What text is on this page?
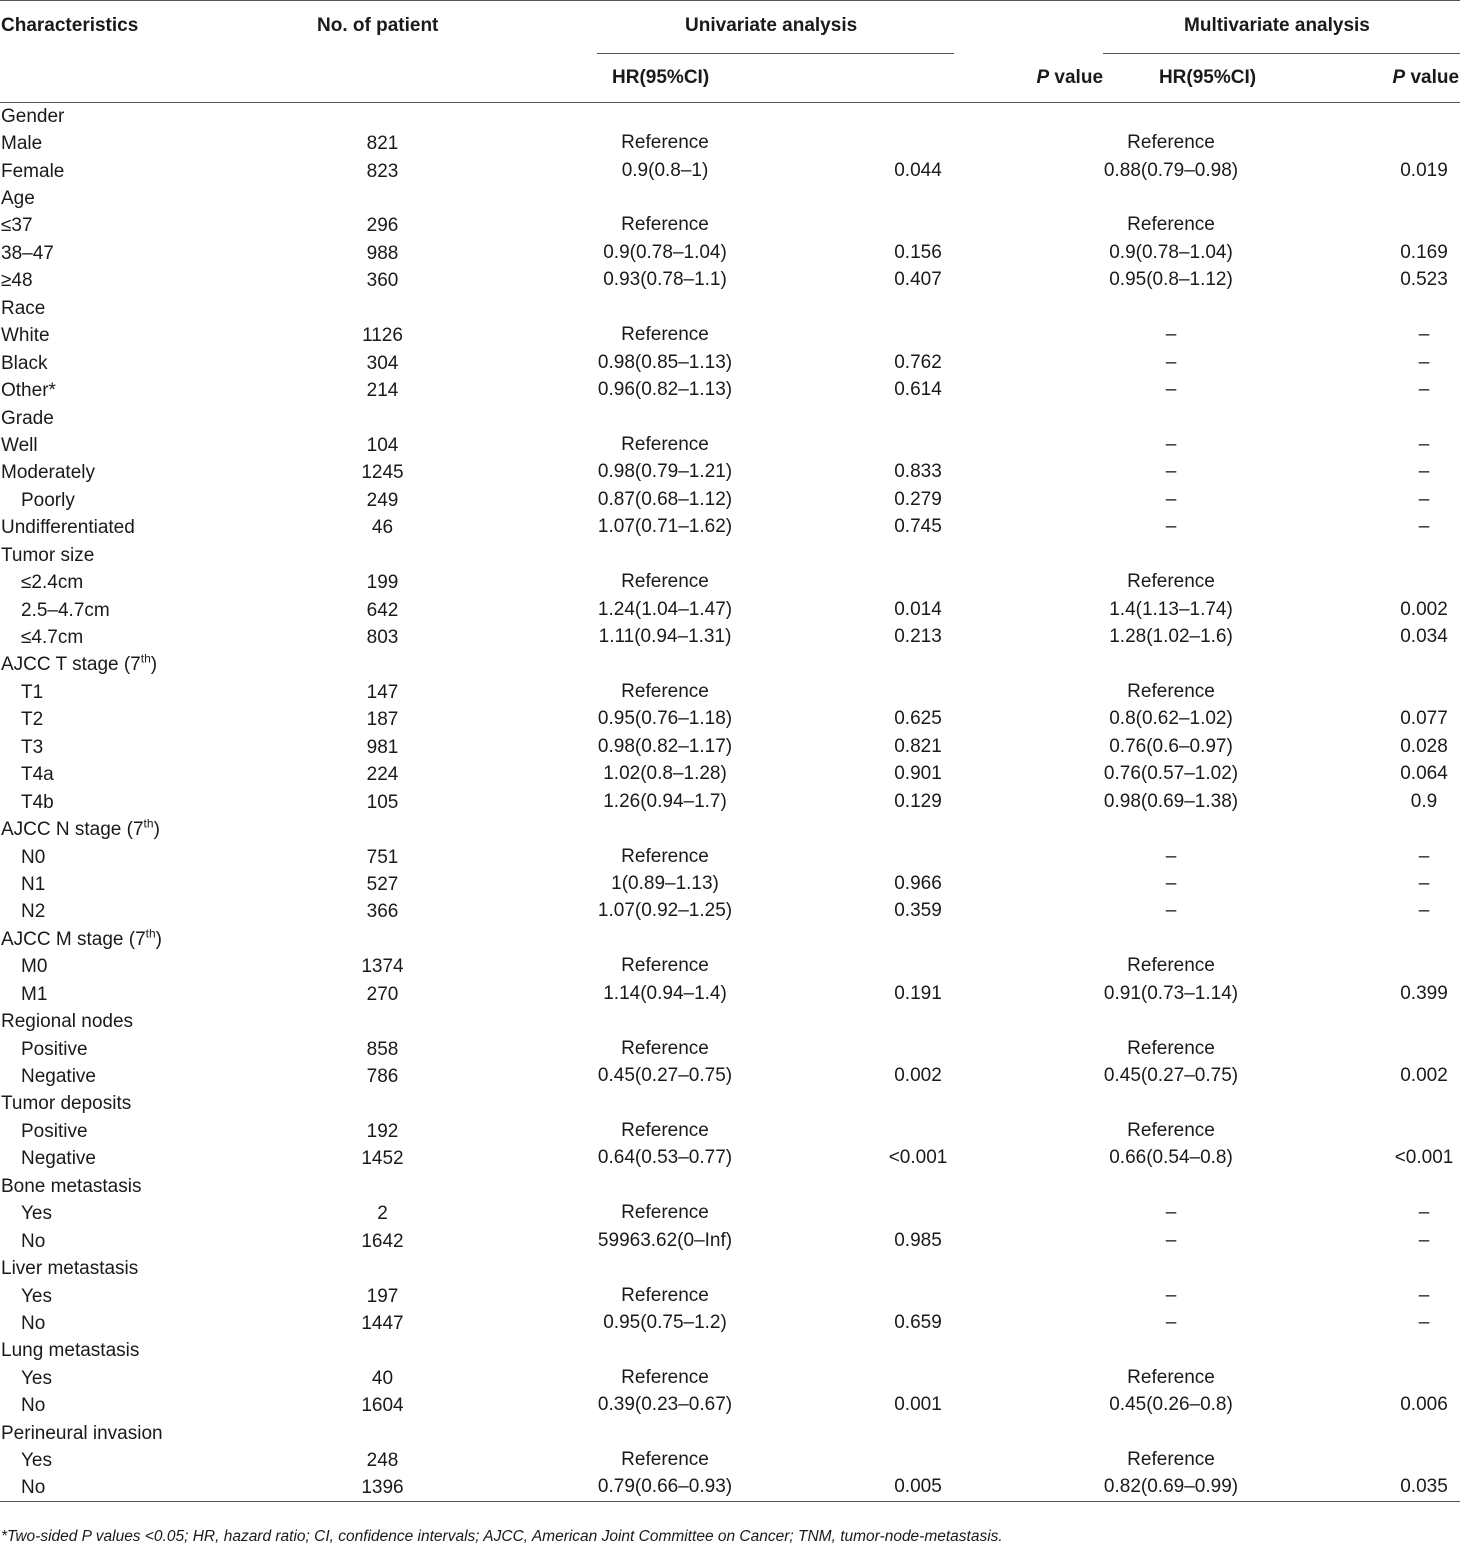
Characteristics	No. of patient		Univariate analysis		Multivariate analysis		

			HR(95%CI)		P value	HR(95%CI)	P value
Gender			

Male	821		Reference			Reference	

Female	823		0.9(0.8–1)	0.044		0.88(0.79–0.98)	0.019

Age			

≤37	296		Reference			Reference	

38–47	988		0.9(0.78–1.04)	0.156		0.9(0.78–1.04)	0.169

≥48	360		0.93(0.78–1.1)	0.407		0.95(0.8–1.12)	0.523

Race			

White	1126		Reference			–	–

Black	304		0.98(0.85–1.13)	0.762		–	–

Other*	214		0.96(0.82–1.13)	0.614		–	–

Grade			

Well	104		Reference			–	–

Moderately	1245		0.98(0.79–1.21)	0.833		–	–

Poorly	249		0.87(0.68–1.12)	0.279		–	–

Undifferentiated	46		1.07(0.71–1.62)	0.745		–	–

Tumor size			

≤2.4cm	199		Reference			Reference	

2.5–4.7cm	642		1.24(1.04–1.47)	0.014		1.4(1.13–1.74)	0.002

≤4.7cm	803		1.11(0.94–1.31)	0.213		1.28(1.02–1.6)	0.034

AJCC T stage (7th)			

T1	147		Reference			Reference	

T2	187		0.95(0.76–1.18)	0.625		0.8(0.62–1.02)	0.077

T3	981		0.98(0.82–1.17)	0.821		0.76(0.6–0.97)	0.028

T4a	224		1.02(0.8–1.28)	0.901		0.76(0.57–1.02)	0.064

T4b	105		1.26(0.94–1.7)	0.129		0.98(0.69–1.38)	0.9

AJCC N stage (7th)			

N0	751		Reference			–	–

N1	527		1(0.89–1.13)	0.966		–	–

N2	366		1.07(0.92–1.25)	0.359		–	–

AJCC M stage (7th)			

M0	1374		Reference			Reference	

M1	270		1.14(0.94–1.4)	0.191		0.91(0.73–1.14)	0.399

Regional nodes			

Positive	858		Reference			Reference	

Negative	786		0.45(0.27–0.75)	0.002		0.45(0.27–0.75)	0.002

Tumor deposits			

Positive	192		Reference			Reference	

Negative	1452		0.64(0.53–0.77)	<0.001		0.66(0.54–0.8)	<0.001

Bone metastasis			

Yes	2		Reference			–	–

No	1642		59963.62(0–Inf)	0.985		–	–

Liver metastasis			

Yes	197		Reference			–	–

No	1447		0.95(0.75–1.2)	0.659		–	–

Lung metastasis			

Yes	40		Reference			Reference	

No	1604		0.39(0.23–0.67)	0.001		0.45(0.26–0.8)	0.006

Perineural invasion			

Yes	248		Reference			Reference	

No	1396		0.79(0.66–0.93)	0.005		0.82(0.69–0.99)	0.035
*Two-sided P values <0.05; HR, hazard ratio; CI, confidence intervals; AJCC, American Joint Committee on Cancer; TNM, tumor-node-metastasis.
